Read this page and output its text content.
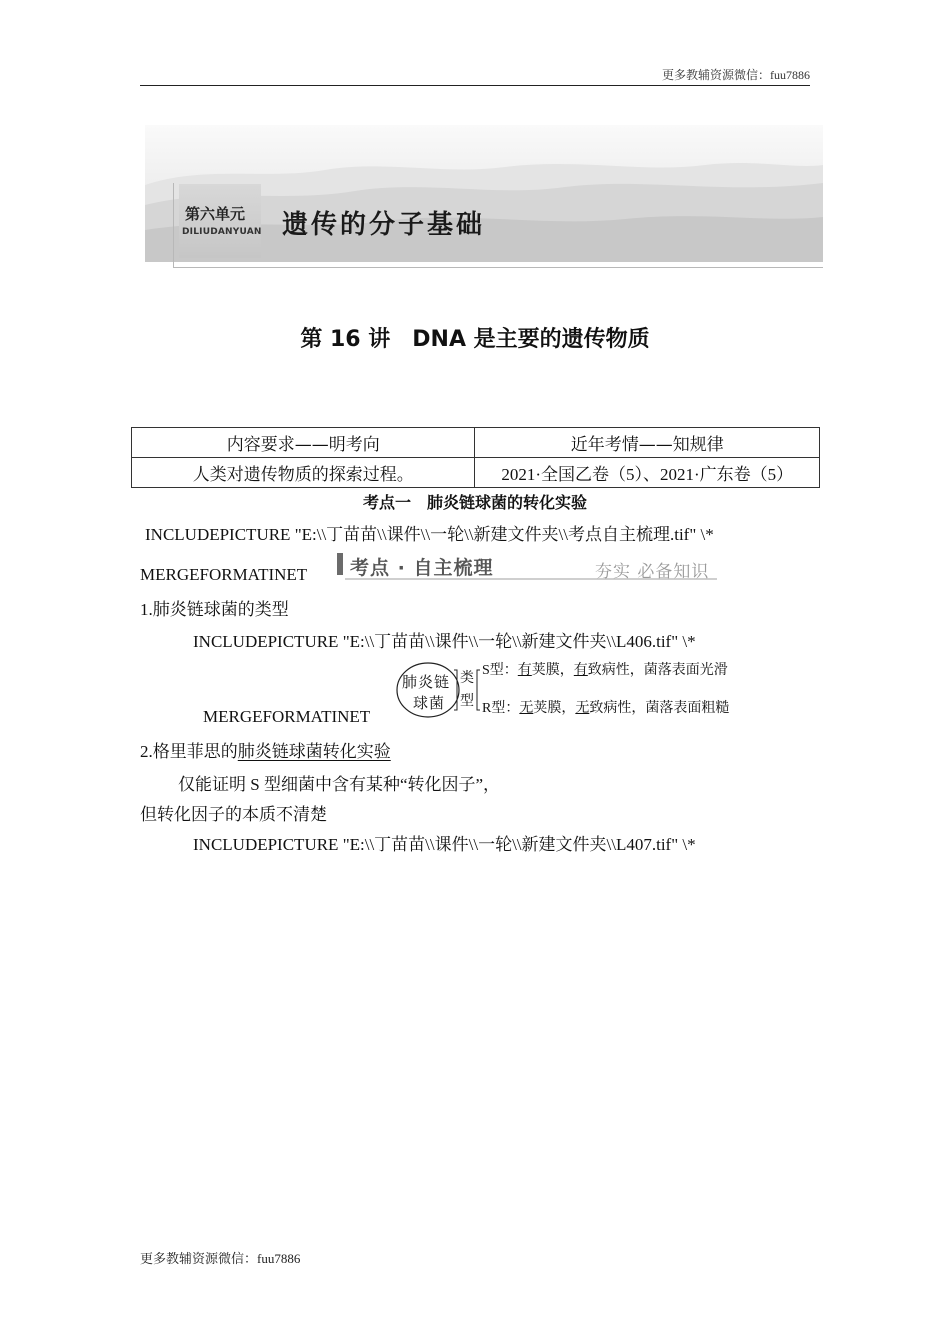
更多教辅资源微信：fuu7886
第六单元
DILIUDANYUAN 遗传的分子基础
第 16 讲　DNA 是主要的遗传物质
内容要求——明考向	近年考情——知规律
人类对遗传物质的探索过程。	2021·全国乙卷（5）、2021·广东卷（5）
考点一　肺炎链球菌的转化实验
INCLUDEPICTURE "E:\\丁苗苗\\课件\\一轮\\新建文件夹\\考点自主梳理.tif" \*
MERGEFORMATINET 考点 · 自主梳理	夯实 必备知识
1.肺炎链球菌的类型
INCLUDEPICTURE "E:\\丁苗苗\\课件\\一轮\\新建文件夹\\L406.tif" \*
MERGEFORMATINET
肺炎链
球菌
类
型
S型：有荚膜，有致病性，菌落表面光滑
R型：无荚膜，无致病性，菌落表面粗糙
2.格里菲思的肺炎链球菌转化实验
仅能证明 S 型细菌中含有某种“转化因子”，
但转化因子的本质不清楚
INCLUDEPICTURE "E:\\丁苗苗\\课件\\一轮\\新建文件夹\\L407.tif" \*
更多教辅资源微信：fuu7886
